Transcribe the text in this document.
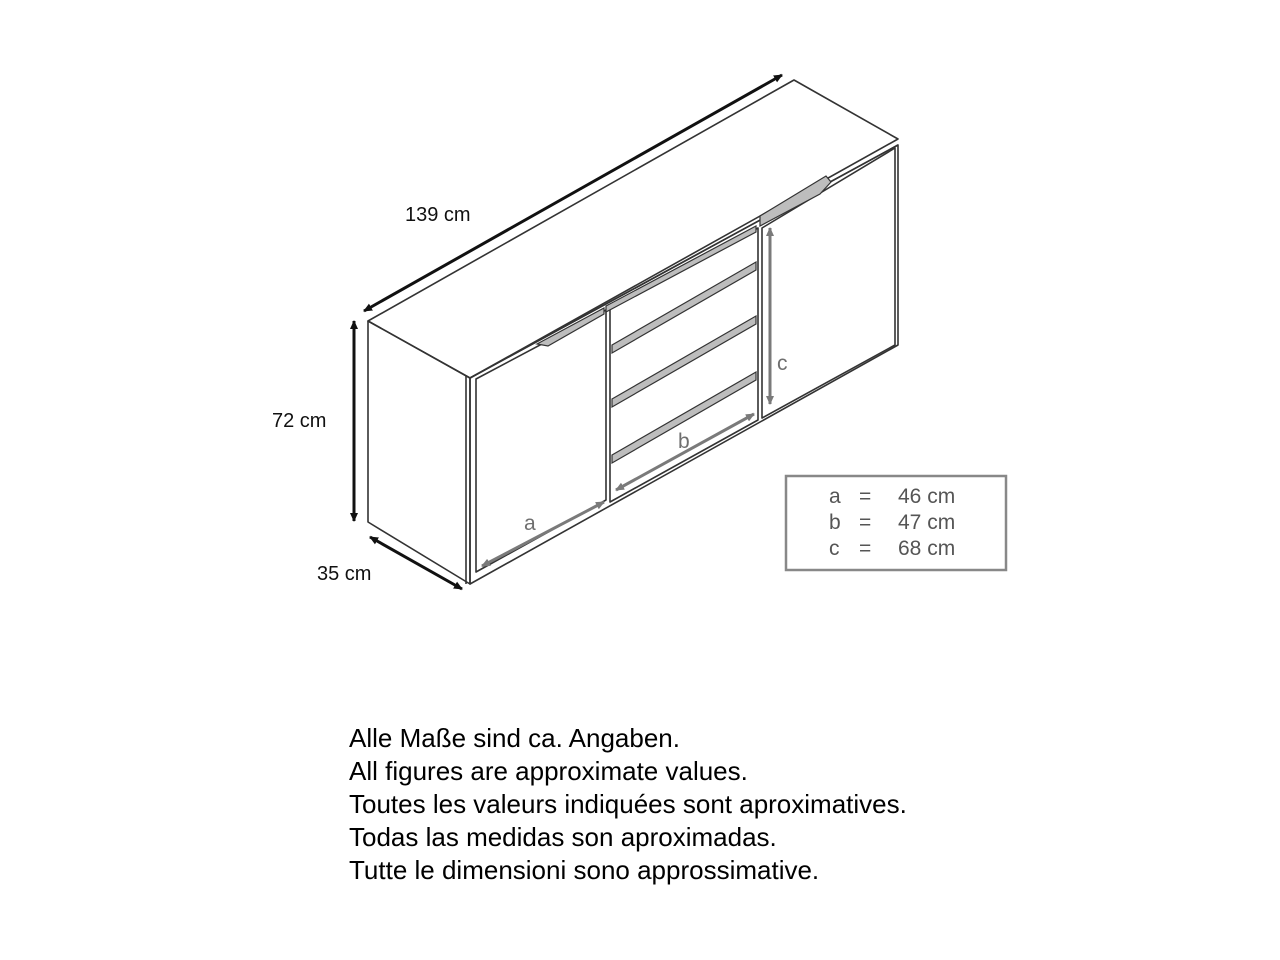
139 cm
72 cm
35 cm
a
b
c
a = 46 cm
b = 47 cm
c = 68 cm
Alle Maße sind ca. Angaben.
All figures are approximate values.
Toutes les valeurs indiquées sont aproximatives.
Todas las medidas son aproximadas.
Tutte le dimensioni sono approssimative.
